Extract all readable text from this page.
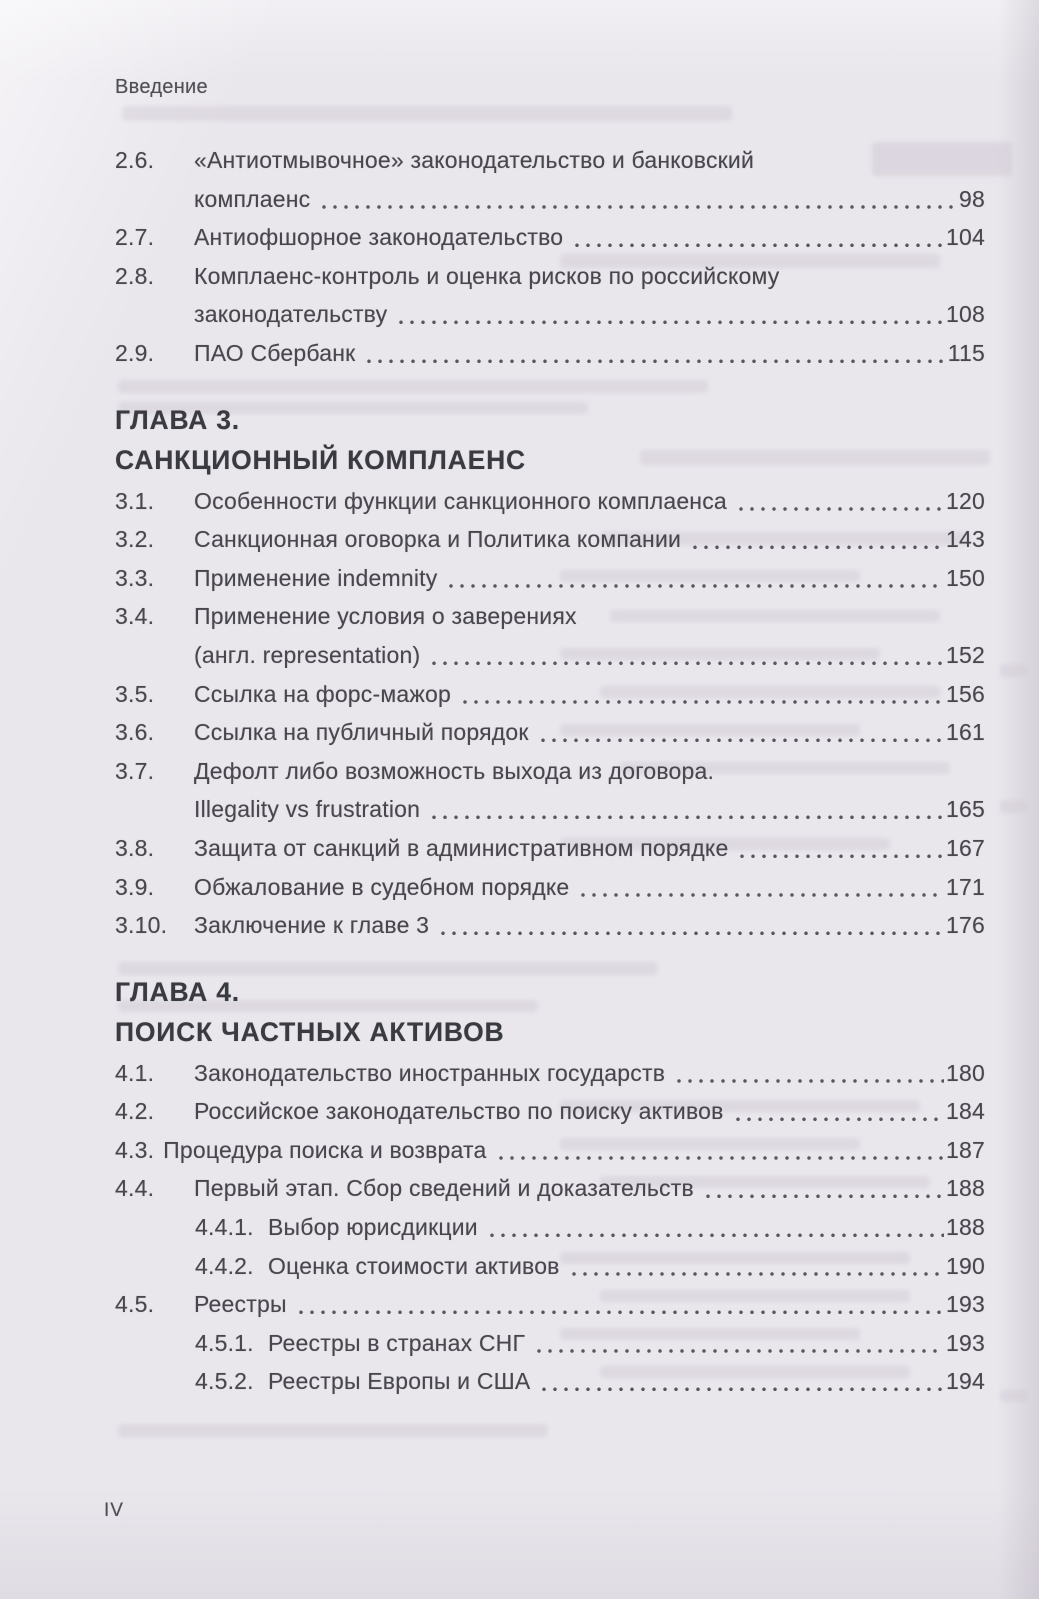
Введение
2.6.	«Антиотмывочное» законодательство и банковский
комплаенс	98
2.7.	Антиофшорное законодательство	104
2.8.	Комплаенс-контроль и оценка рисков по российскому
законодательству	108
2.9.	ПАО Сбербанк	115
ГЛАВА 3.
САНКЦИОННЫЙ КОМПЛАЕНС
3.1.	Особенности функции санкционного комплаенса	120
3.2.	Санкционная оговорка и Политика компании	143
3.3.	Применение indemnity	150
3.4.	Применение условия о заверениях
(англ. representation)	152
3.5.	Ссылка на форс-мажор	156
3.6.	Ссылка на публичный порядок	161
3.7.	Дефолт либо возможность выхода из договора.
Illegality vs frustration	165
3.8.	Защита от санкций в административном порядке	167
3.9.	Обжалование в судебном порядке	171
3.10.	Заключение к главе 3	176
ГЛАВА 4.
ПОИСК ЧАСТНЫХ АКТИВОВ
4.1.	Законодательство иностранных государств	180
4.2.	Российское законодательство по поиску активов	184
4.3. Процедура поиска и возврата	187
4.4.	Первый этап. Сбор сведений и доказательств	188
4.4.1. Выбор юрисдикции	188
4.4.2. Оценка стоимости активов	190
4.5.	Реестры	193
4.5.1. Реестры в странах СНГ	193
4.5.2. Реестры Европы и США	194
IV
